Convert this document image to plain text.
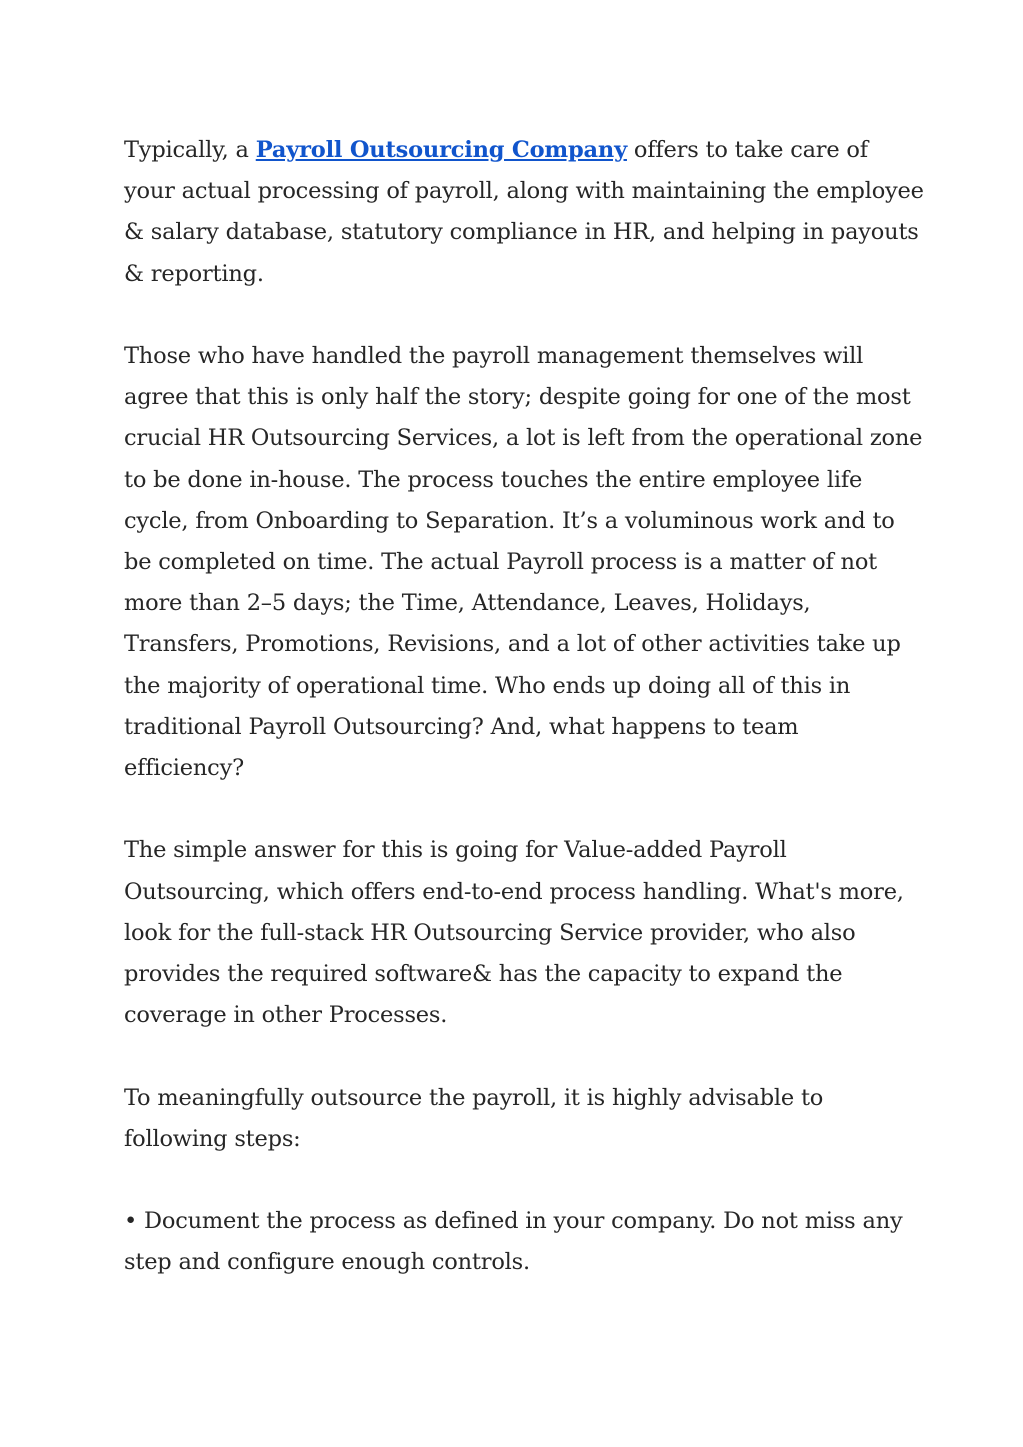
Typically, a Payroll Outsourcing Company offers to take care of your actual processing of payroll, along with maintaining the employee & salary database, statutory compliance in HR, and helping in payouts & reporting.

Those who have handled the payroll management themselves will agree that this is only half the story; despite going for one of the most crucial HR Outsourcing Services, a lot is left from the operational zone to be done in-house. The process touches the entire employee life cycle, from Onboarding to Separation. It’s a voluminous work and to be completed on time. The actual Payroll process is a matter of not more than 2–5 days; the Time, Attendance, Leaves, Holidays, Transfers, Promotions, Revisions, and a lot of other activities take up the majority of operational time. Who ends up doing all of this in traditional Payroll Outsourcing? And, what happens to team efficiency?

The simple answer for this is going for Value-added Payroll Outsourcing, which offers end-to-end process handling. What's more, look for the full-stack HR Outsourcing Service provider, who also provides the required software& has the capacity to expand the coverage in other Processes.

To meaningfully outsource the payroll, it is highly advisable to following steps:

• Document the process as defined in your company. Do not miss any step and configure enough controls.
